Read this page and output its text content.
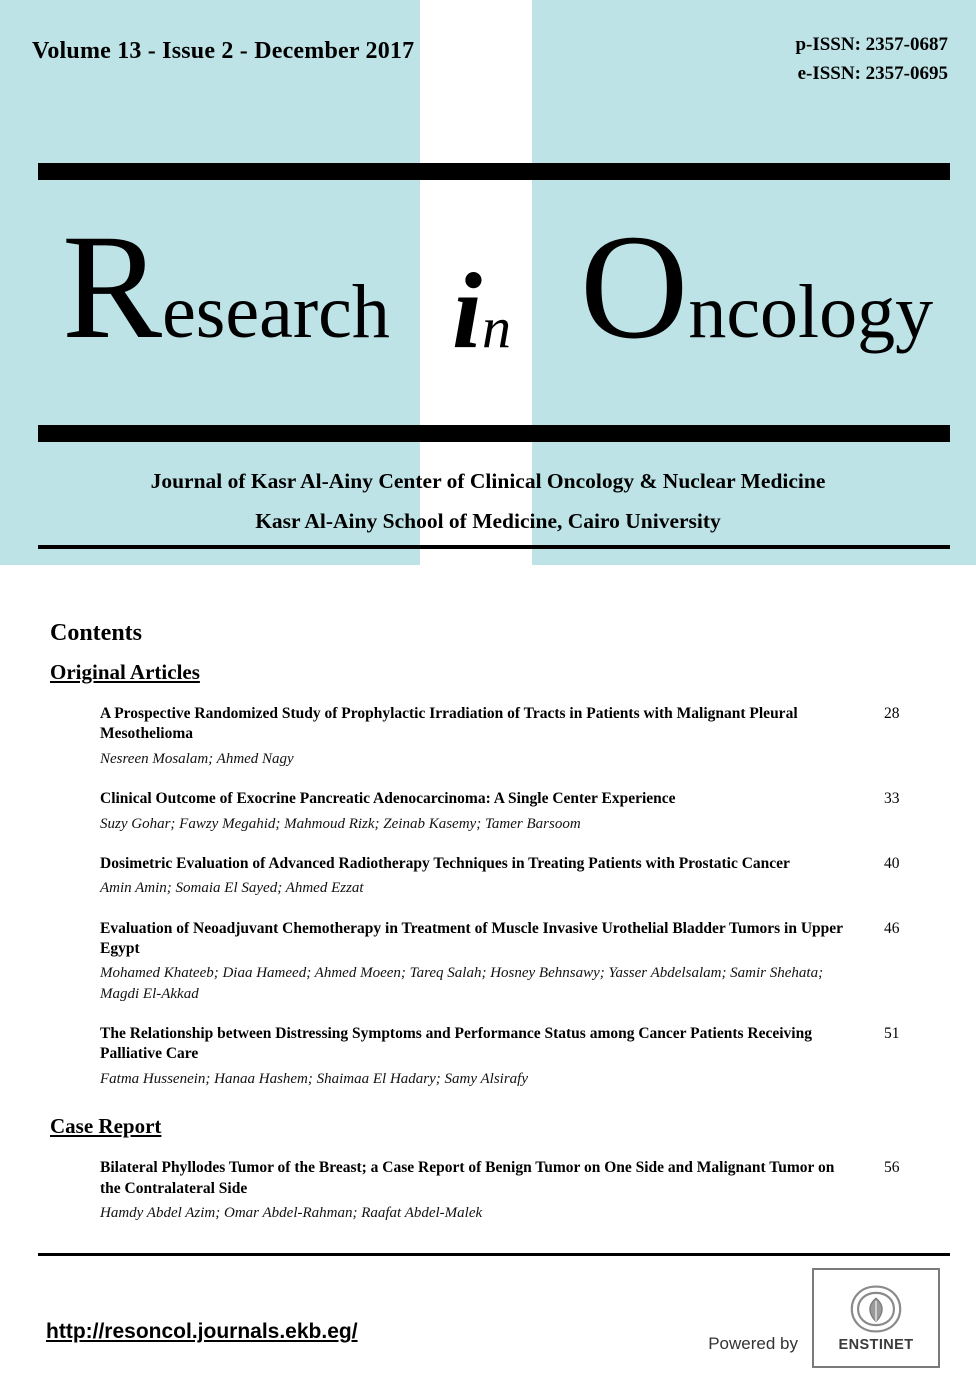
Volume 13 - Issue 2 - December 2017	p-ISSN: 2357-0687
e-ISSN: 2357-0695
Research in Oncology
Journal of Kasr Al-Ainy Center of Clinical Oncology & Nuclear Medicine
Kasr Al-Ainy School of Medicine, Cairo University
Contents
Original Articles
A Prospective Randomized Study of Prophylactic Irradiation of Tracts in Patients with Malignant Pleural Mesothelioma
Nesreen Mosalam; Ahmed Nagy
28
Clinical Outcome of Exocrine Pancreatic Adenocarcinoma: A Single Center Experience
Suzy Gohar; Fawzy Megahid; Mahmoud Rizk; Zeinab Kasemy; Tamer Barsoom
33
Dosimetric Evaluation of Advanced Radiotherapy Techniques in Treating Patients with Prostatic Cancer
Amin Amin; Somaia El Sayed; Ahmed Ezzat
40
Evaluation of Neoadjuvant Chemotherapy in Treatment of Muscle Invasive Urothelial Bladder Tumors in Upper Egypt
Mohamed Khateeb; Diaa Hameed; Ahmed Moeen; Tareq Salah; Hosney Behnsawy; Yasser Abdelsalam; Samir Shehata; Magdi El-Akkad
46
The Relationship between Distressing Symptoms and Performance Status among Cancer Patients Receiving Palliative Care
Fatma Hussenein; Hanaa Hashem; Shaimaa El Hadary; Samy Alsirafy
51
Case Report
Bilateral Phyllodes Tumor of the Breast; a Case Report of Benign Tumor on One Side and Malignant Tumor on the Contralateral Side
Hamdy Abdel Azim; Omar Abdel-Rahman; Raafat Abdel-Malek
56
http://resoncol.journals.ekb.eg/
Powered by	ENSTINET
